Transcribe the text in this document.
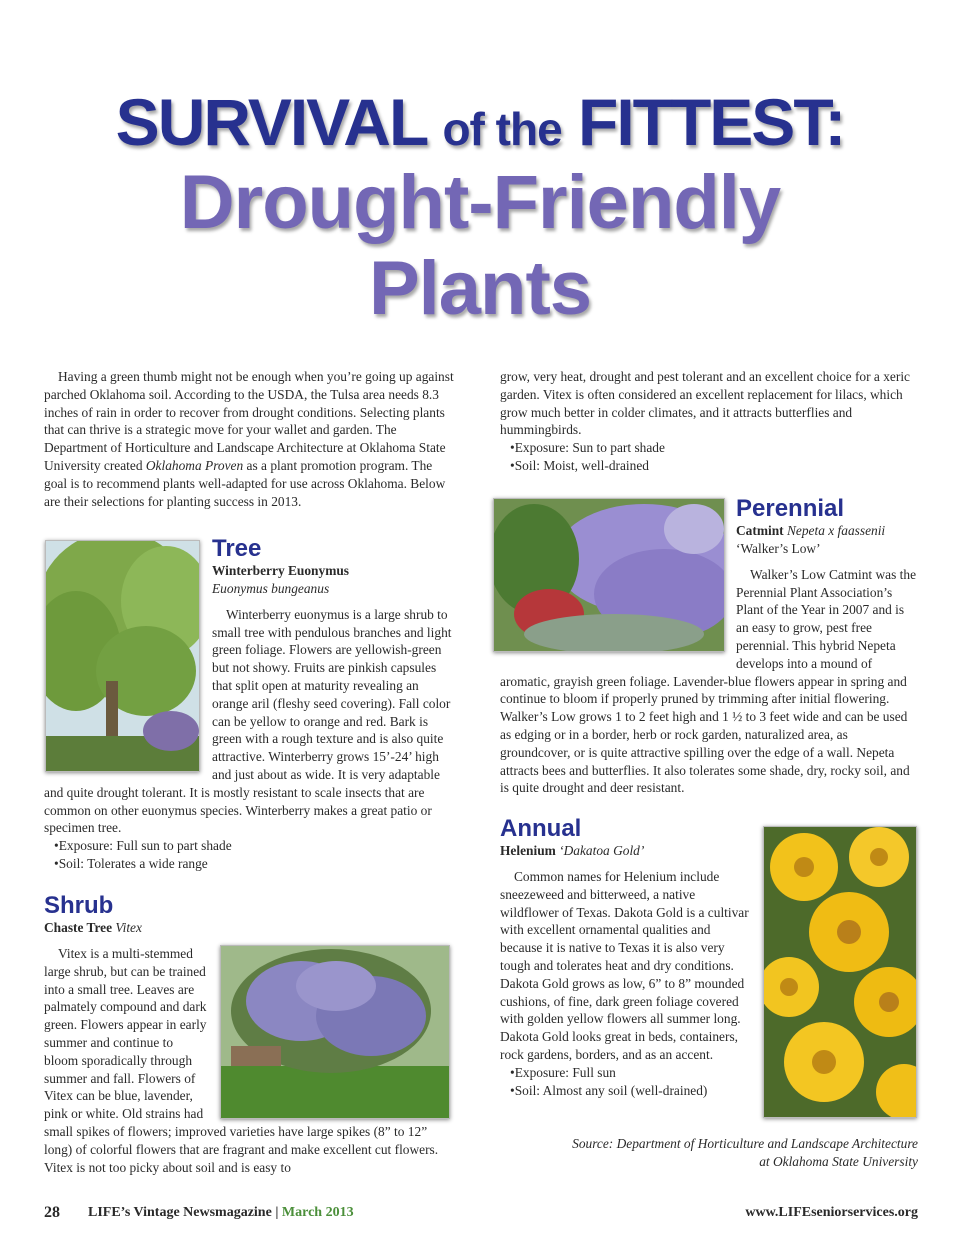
SURVIVAL of the FITTEST:
Drought-Friendly
Plants

Having a green thumb might not be enough when you’re going up against parched Oklahoma soil. According to the USDA, the Tulsa area needs 8.3 inches of rain in order to recover from drought conditions. Selecting plants that can thrive is a strategic move for your wallet and garden. The Department of Horticulture and Landscape Architecture at Oklahoma State University created Oklahoma Proven as a plant promotion program. The goal is to recommend plants well-adapted for use across Oklahoma. Below are their selections for planting success in 2013.

Tree
Winterberry Euonymus
Euonymus bungeanus

Winterberry euonymus is a large shrub to small tree with pendulous branches and light green foliage. Flowers are yellowish-green but not showy. Fruits are pinkish capsules that split open at maturity revealing an orange aril (fleshy seed covering). Fall color can be yellow to orange and red. Bark is green with a rough texture and is also quite attractive. Winterberry grows 15’-24’ high and just about as wide. It is very adaptable and quite drought tolerant. It is mostly resistant to scale insects that are common on other euonymus species. Winterberry makes a great patio or specimen tree.

• Exposure: Full sun to part shade
• Soil: Tolerates a wide range
Shrub
Chaste Tree Vitex

Vitex is a multi-stemmed large shrub, but can be trained into a small tree. Leaves are palmately compound and dark green. Flowers appear in early summer and continue to bloom sporadically through summer and fall. Flowers of Vitex can be blue, lavender, pink or white. Old strains had small spikes of flowers; improved varieties have large spikes (8” to 12” long) of colorful flowers that are fragrant and make excellent cut flowers. Vitex is not too picky about soil and is easy to

grow, very heat, drought and pest tolerant and an excellent choice for a xeric garden. Vitex is often considered an excellent replacement for lilacs, which grow much better in colder climates, and it attracts butterflies and hummingbirds.

• Exposure: Sun to part shade
• Soil: Moist, well-drained
Perennial
Catmint Nepeta x faassenii
‘Walker’s Low’

Walker’s Low Catmint was the Perennial Plant Association’s Plant of the Year in 2007 and is an easy to grow, pest free perennial. This hybrid Nepeta develops into a mound of aromatic, grayish green foliage. Lavender-blue flowers appear in spring and continue to bloom if properly pruned by trimming after initial flowering. Walker’s Low grows 1 to 2 feet high and 1 ½ to 3 feet wide and can be used as edging or in a border, herb or rock garden, naturalized area, as groundcover, or is quite attractive spilling over the edge of a wall. Nepeta attracts bees and butterflies. It also tolerates some shade, dry, rocky soil, and is quite drought and deer resistant.

Annual
Helenium ‘Dakatoa Gold’

Common names for Helenium include sneezeweed and bitterweed, a native wildflower of Texas. Dakota Gold is a cultivar with excellent ornamental qualities and because it is native to Texas it is also very tough and tolerates heat and dry conditions. Dakota Gold grows as low, 6” to 8” mounded cushions, of fine, dark green foliage covered with golden yellow flowers all summer long. Dakota Gold looks great in beds, containers, rock gardens, borders, and as an accent.

• Exposure: Full sun
• Soil: Almost any soil (well-drained)
Source: Department of Horticulture and Landscape Architecture
at Oklahoma State University
28 LIFE’s Vintage Newsmagazine | March 2013	www.LIFEseniorservices.org
